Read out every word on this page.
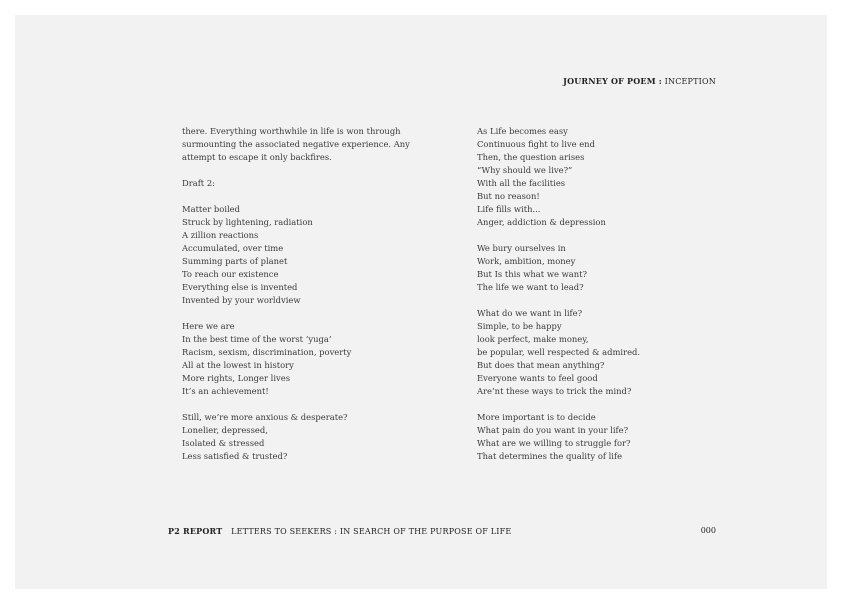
JOURNEY OF POEM : INCEPTION
there. Everything worthwhile in life is won through
surmounting the associated negative experience. Any
attempt to escape it only backfires.
Draft 2:
Matter boiled
Struck by lightening, radiation
A zillion reactions
Accumulated, over time
Summing parts of planet
To reach our existence
Everything else is invented
Invented by your worldview
Here we are
In the best time of the worst ‘yuga’
Racism, sexism, discrimination, poverty
All at the lowest in history
More rights, Longer lives
It’s an achievement!
Still, we’re more anxious & desperate?
Lonelier, depressed,
Isolated & stressed
Less satisfied & trusted?
As Life becomes easy
Continuous fight to live end
Then, the question arises
“Why should we live?”
With all the facilities
But no reason!
Life fills with...
Anger, addiction & depression
We bury ourselves in
Work, ambition, money
But Is this what we want?
The life we want to lead?
What do we want in life?
Simple, to be happy
look perfect, make money,
be popular, well respected & admired.
But does that mean anything?
Everyone wants to feel good
Are’nt these ways to trick the mind?
More important is to decide
What pain do you want in your life?
What are we willing to struggle for?
That determines the quality of life
P2 REPORT LETTERS TO SEEKERS : IN SEARCH OF THE PURPOSE OF LIFE	000
